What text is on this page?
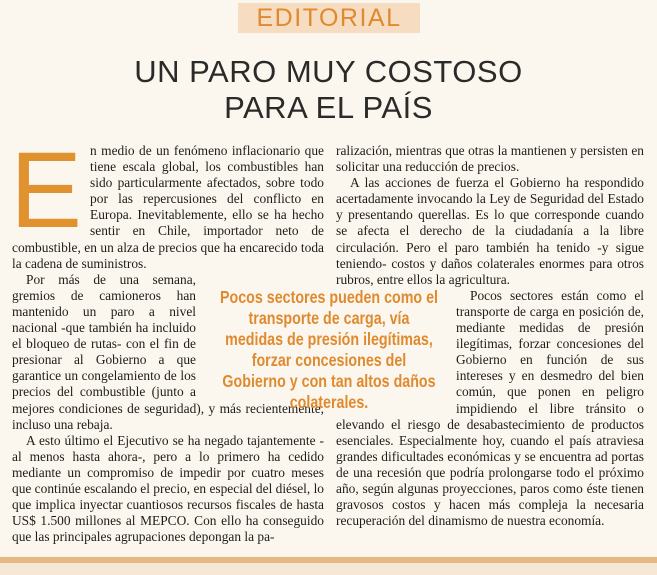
EDITORIAL
UN PARO MUY COSTOSO
PARA EL PAÍS
E n medio de un fenómeno inflacionario que tiene escala global, los combustibles han sido particularmente afectados, sobre todo por las repercusiones del conflicto en Europa. Inevitablemente, ello se ha hecho sentir en Chile, importador neto de combustible, en un alza de precios que ha encarecido toda la cadena de suministros.

Por más de una semana, gremios de camioneros han mantenido un paro a nivel nacional -que también ha incluido el bloqueo de rutas- con el fin de presionar al Gobierno a que garantice un congelamiento de los precios del combustible (junto a mejores condiciones de seguridad), y más recientemente, incluso una rebaja.

A esto último el Ejecutivo se ha negado tajantemente -al menos hasta ahora-, pero a lo primero ha cedido mediante un compromiso de impedir por cuatro meses que continúe escalando el precio, en especial del diésel, lo que implica inyectar cuantiosos recursos fiscales de hasta US$ 1.500 millones al MEPCO. Con ello ha conseguido que las principales agrupaciones depongan la pa-

ralización, mientras que otras la mantienen y persisten en solicitar una reducción de precios.

A las acciones de fuerza el Gobierno ha respondido acertadamente invocando la Ley de Seguridad del Estado y presentando querellas. Es lo que corresponde cuando se afecta el derecho de la ciudadanía a la libre circulación. Pero el paro también ha tenido -y sigue teniendo- costos y daños colaterales enormes para otros rubros, entre ellos la agricultura.

Pocos sectores están como el transporte de carga en posición de, mediante medidas de presión ilegítimas, forzar concesiones del Gobierno en función de sus intereses y en desmedro del bien común, que ponen en peligro impidiendo el libre tránsito o elevando el riesgo de desabastecimiento de productos esenciales. Especialmente hoy, cuando el país atraviesa grandes dificultades económicas y se encuentra ad portas de una recesión que podría prolongarse todo el próximo año, según algunas proyecciones, paros como éste tienen gravosos costos y hacen más compleja la necesaria recuperación del dinamismo de nuestra economía.

Pocos sectores pueden como el transporte de carga, vía medidas de presión ilegítimas, forzar concesiones del Gobierno y con tan altos daños colaterales.
